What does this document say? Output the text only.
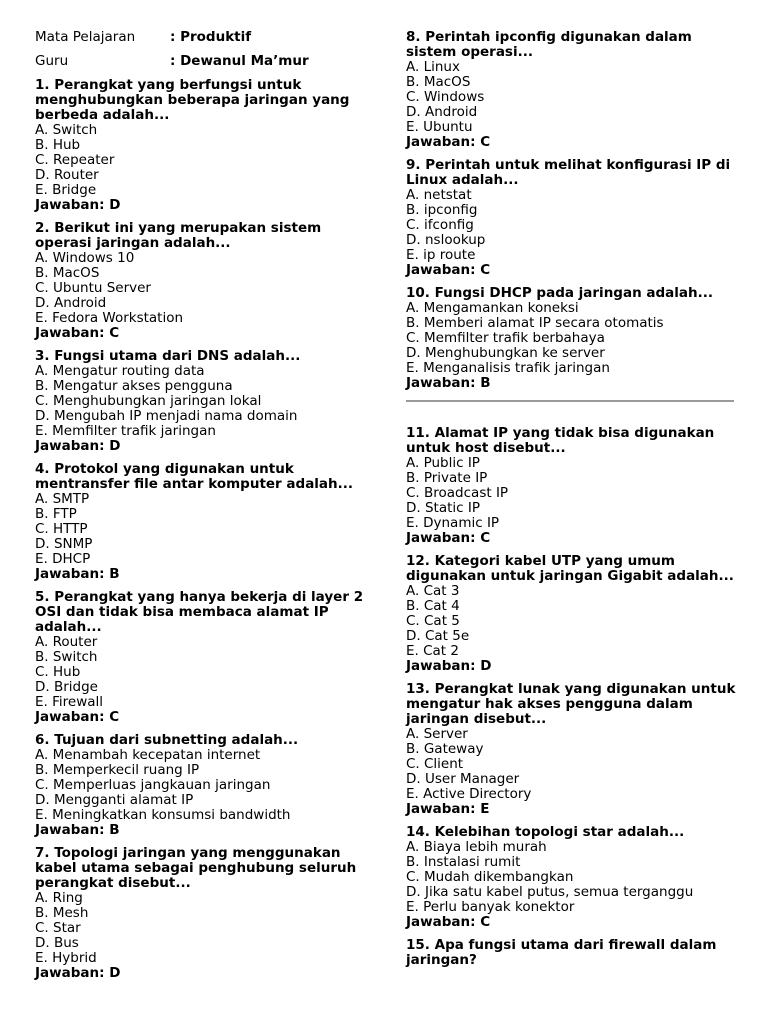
Mata Pelajaran	: Produktif
Guru	: Dewanul Ma’mur
1. Perangkat yang berfungsi untuk menghubungkan beberapa jaringan yang berbeda adalah...
A. Switch
B. Hub
C. Repeater
D. Router
E. Bridge
Jawaban: D
2. Berikut ini yang merupakan sistem operasi jaringan adalah...
A. Windows 10
B. MacOS
C. Ubuntu Server
D. Android
E. Fedora Workstation
Jawaban: C
3. Fungsi utama dari DNS adalah...
A. Mengatur routing data
B. Mengatur akses pengguna
C. Menghubungkan jaringan lokal
D. Mengubah IP menjadi nama domain
E. Memfilter trafik jaringan
Jawaban: D
4. Protokol yang digunakan untuk mentransfer file antar komputer adalah...
A. SMTP
B. FTP
C. HTTP
D. SNMP
E. DHCP
Jawaban: B
5. Perangkat yang hanya bekerja di layer 2 OSI dan tidak bisa membaca alamat IP adalah...
A. Router
B. Switch
C. Hub
D. Bridge
E. Firewall
Jawaban: C
6. Tujuan dari subnetting adalah...
A. Menambah kecepatan internet
B. Memperkecil ruang IP
C. Memperluas jangkauan jaringan
D. Mengganti alamat IP
E. Meningkatkan konsumsi bandwidth
Jawaban: B
7. Topologi jaringan yang menggunakan kabel utama sebagai penghubung seluruh perangkat disebut...
A. Ring
B. Mesh
C. Star
D. Bus
E. Hybrid
Jawaban: D
8. Perintah ipconfig digunakan dalam sistem operasi...
A. Linux
B. MacOS
C. Windows
D. Android
E. Ubuntu
Jawaban: C
9. Perintah untuk melihat konfigurasi IP di Linux adalah...
A. netstat
B. ipconfig
C. ifconfig
D. nslookup
E. ip route
Jawaban: C
10. Fungsi DHCP pada jaringan adalah...
A. Mengamankan koneksi
B. Memberi alamat IP secara otomatis
C. Memfilter trafik berbahaya
D. Menghubungkan ke server
E. Menganalisis trafik jaringan
Jawaban: B
11. Alamat IP yang tidak bisa digunakan untuk host disebut...
A. Public IP
B. Private IP
C. Broadcast IP
D. Static IP
E. Dynamic IP
Jawaban: C
12. Kategori kabel UTP yang umum digunakan untuk jaringan Gigabit adalah...
A. Cat 3
B. Cat 4
C. Cat 5
D. Cat 5e
E. Cat 2
Jawaban: D
13. Perangkat lunak yang digunakan untuk mengatur hak akses pengguna dalam jaringan disebut...
A. Server
B. Gateway
C. Client
D. User Manager
E. Active Directory
Jawaban: E
14. Kelebihan topologi star adalah...
A. Biaya lebih murah
B. Instalasi rumit
C. Mudah dikembangkan
D. Jika satu kabel putus, semua terganggu
E. Perlu banyak konektor
Jawaban: C
15. Apa fungsi utama dari firewall dalam jaringan?
